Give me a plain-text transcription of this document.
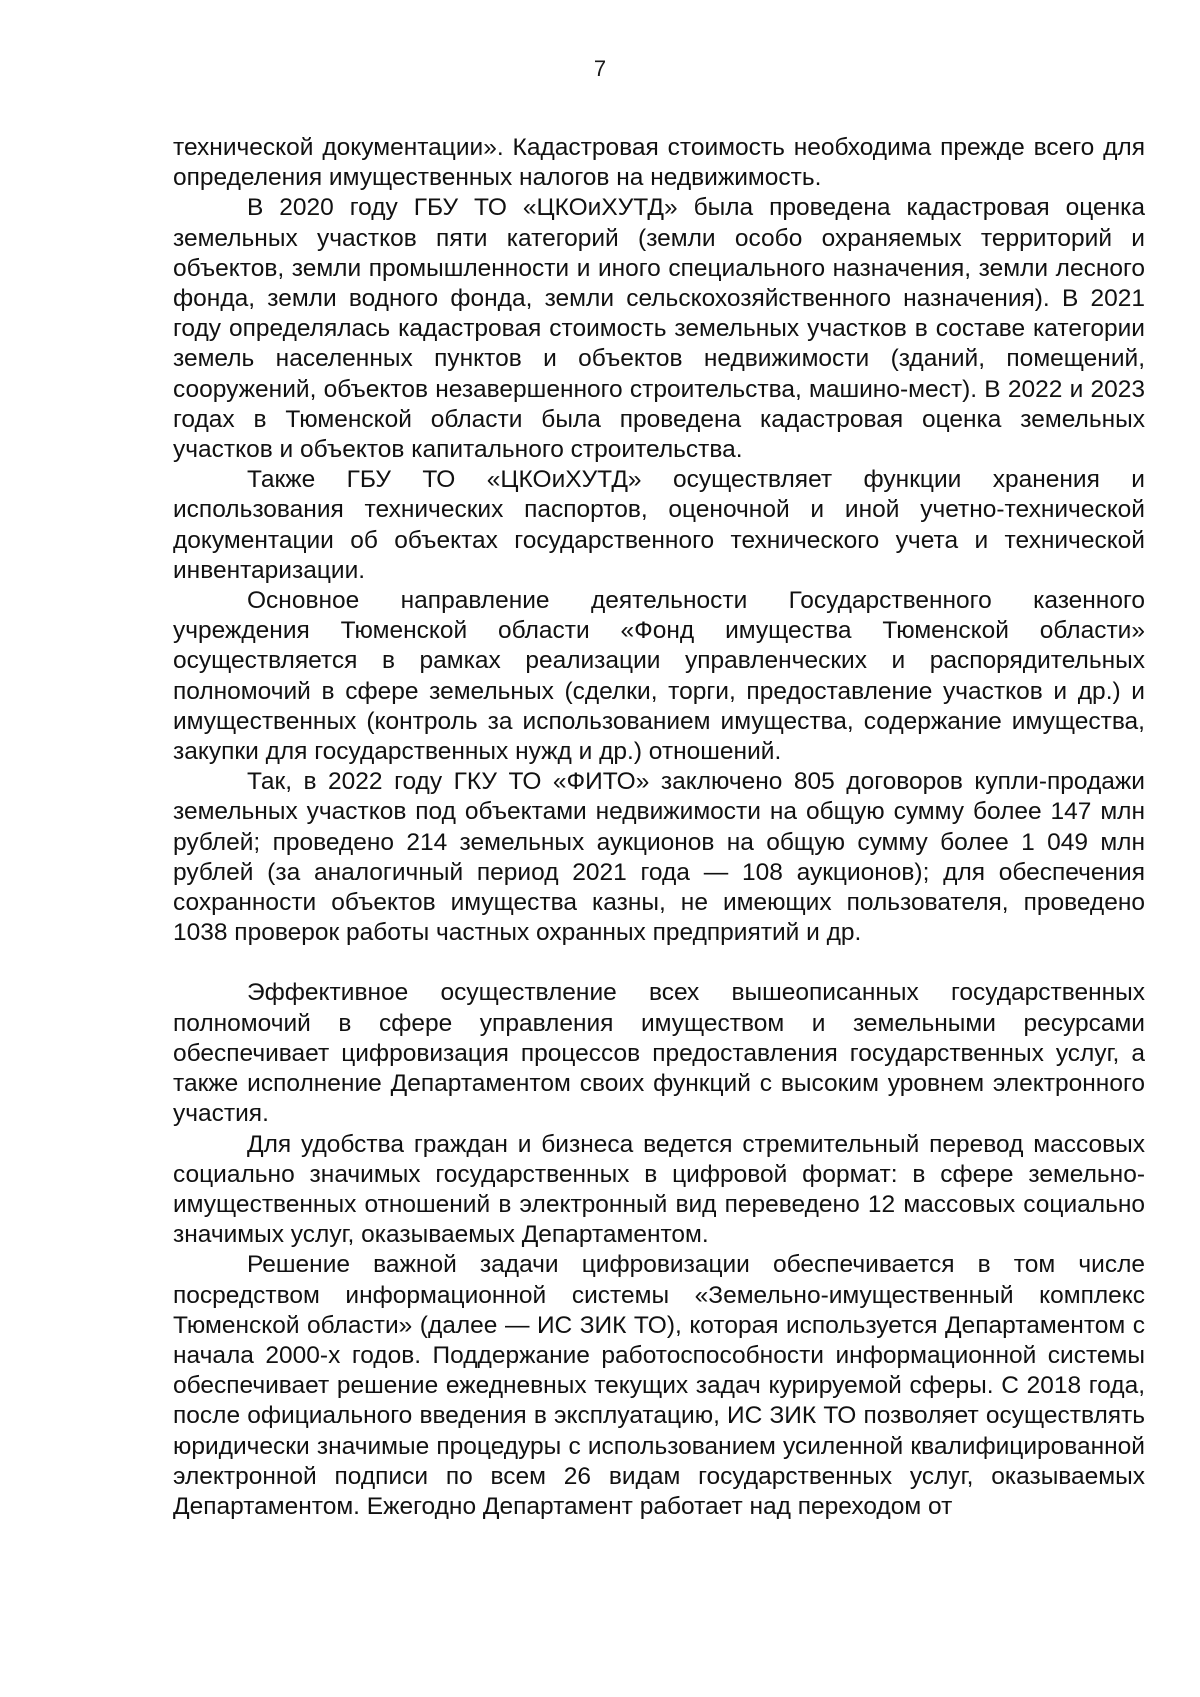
7

технической документации». Кадастровая стоимость необходима прежде всего для определения имущественных налогов на недвижимость.

В 2020 году ГБУ ТО «ЦКОиХУТД» была проведена кадастровая оценка земельных участков пяти категорий (земли особо охраняемых территорий и объектов, земли промышленности и иного специального назначения, земли лесного фонда, земли водного фонда, земли сельскохозяйственного назначения). В 2021 году определялась кадастровая стоимость земельных участков в составе категории земель населенных пунктов и объектов недвижимости (зданий, помещений, сооружений, объектов незавершенного строительства, машино-мест). В 2022 и 2023 годах в Тюменской области была проведена кадастровая оценка земельных участков и объектов капитального строительства.

Также ГБУ ТО «ЦКОиХУТД» осуществляет функции хранения и использования технических паспортов, оценочной и иной учетно-технической документации об объектах государственного технического учета и технической инвентаризации.

Основное направление деятельности Государственного казенного учреждения Тюменской области «Фонд имущества Тюменской области» осуществляется в рамках реализации управленческих и распорядительных полномочий в сфере земельных (сделки, торги, предоставление участков и др.) и имущественных (контроль за использованием имущества, содержание имущества, закупки для государственных нужд и др.) отношений.

Так, в 2022 году ГКУ ТО «ФИТО» заключено 805 договоров купли-продажи земельных участков под объектами недвижимости на общую сумму более 147 млн рублей; проведено 214 земельных аукционов на общую сумму более 1 049 млн рублей (за аналогичный период 2021 года — 108 аукционов); для обеспечения сохранности объектов имущества казны, не имеющих пользователя, проведено 1038 проверок работы частных охранных предприятий и др.

Эффективное осуществление всех вышеописанных государственных полномочий в сфере управления имуществом и земельными ресурсами обеспечивает цифровизация процессов предоставления государственных услуг, а также исполнение Департаментом своих функций с высоким уровнем электронного участия.

Для удобства граждан и бизнеса ведется стремительный перевод массовых социально значимых государственных в цифровой формат: в сфере земельно-имущественных отношений в электронный вид переведено 12 массовых социально значимых услуг, оказываемых Департаментом.

Решение важной задачи цифровизации обеспечивается в том числе посредством информационной системы «Земельно-имущественный комплекс Тюменской области» (далее — ИС ЗИК ТО), которая используется Департаментом с начала 2000-х годов. Поддержание работоспособности информационной системы обеспечивает решение ежедневных текущих задач курируемой сферы. С 2018 года, после официального введения в эксплуатацию, ИС ЗИК ТО позволяет осуществлять юридически значимые процедуры с использованием усиленной квалифицированной электронной подписи по всем 26 видам государственных услуг, оказываемых Департаментом. Ежегодно Департамент работает над переходом от
